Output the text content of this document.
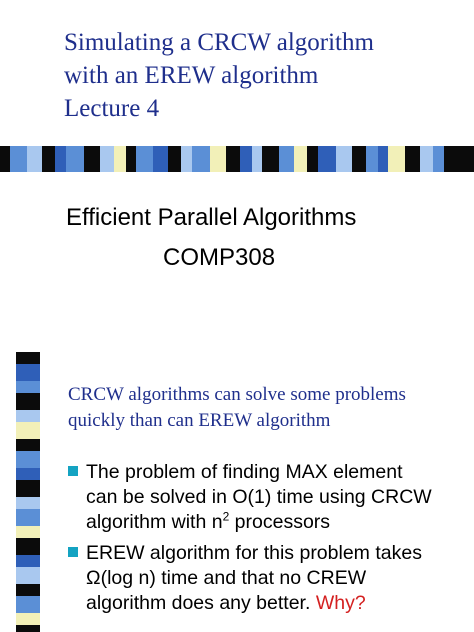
Simulating a CRCW algorithm
with an EREW algorithm
Lecture 4
Efficient Parallel Algorithms
COMP308
CRCW algorithms can solve some problems
quickly than can EREW algorithm
The problem of finding MAX element
can be solved in O(1) time using CRCW
algorithm with $n^2$ processors
EREW algorithm for this problem takes
Ω(log n) time and that no CREW
algorithm does any better. Why?
